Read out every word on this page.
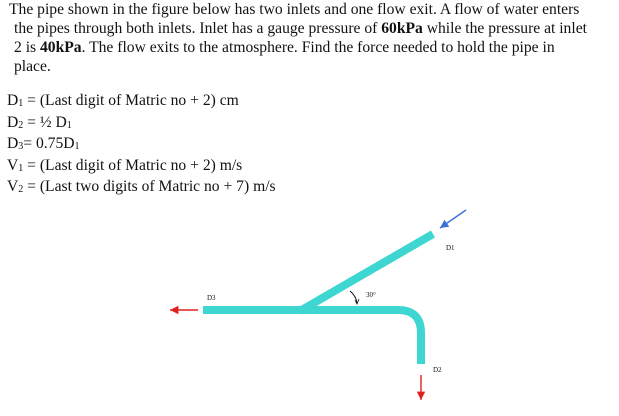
The pipe shown in the figure below has two inlets and one flow exit. A flow of water enters

the pipes through both inlets. Inlet has a gauge pressure of 60kPa while the pressure at inlet

2 is 40kPa. The flow exits to the atmosphere. Find the force needed to hold the pipe in

place.

$D_1$ = (Last digit of Matric no + 2) cm
$D_2$ = ½ $D_1$
$D_3= 0.75D_1$
$V_1$ = (Last digit of Matric no + 2) m/s
$V_2$ = (Last two digits of Matric no + 7) m/s
30°
D1
D3
D2
